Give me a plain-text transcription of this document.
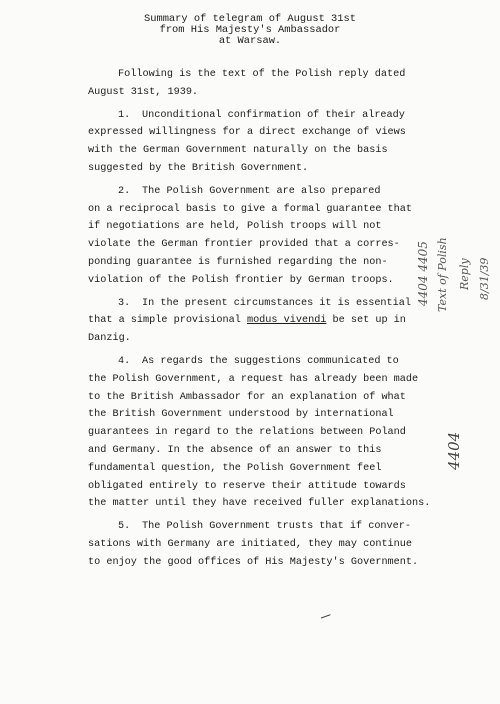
Summary of telegram of August 31st
from His Majesty's Ambassador
at Warsaw.
Following is the text of the Polish reply dated
August 31st, 1939.
1. Unconditional confirmation of their already
expressed willingness for a direct exchange of views
with the German Government naturally on the basis
suggested by the British Government.
2. The Polish Government are also prepared
on a reciprocal basis to give a formal guarantee that
if negotiations are held, Polish troops will not
violate the German frontier provided that a corres-
ponding guarantee is furnished regarding the non-
violation of the Polish frontier by German troops.
3. In the present circumstances it is essential
that a simple provisional modus vivendi be set up in
Danzig.
4. As regards the suggestions communicated to
the Polish Government, a request has already been made
to the British Ambassador for an explanation of what
the British Government understood by international
guarantees in regard to the relations between Poland
and Germany. In the absence of an answer to this
fundamental question, the Polish Government feel
obligated entirely to reserve their attitude towards
the matter until they have received fuller explanations.
5. The Polish Government trusts that if conver-
sations with Germany are initiated, they may continue
to enjoy the good offices of His Majesty's Government.
4404 4405 Text of Polish Reply 8/31/39
4404
